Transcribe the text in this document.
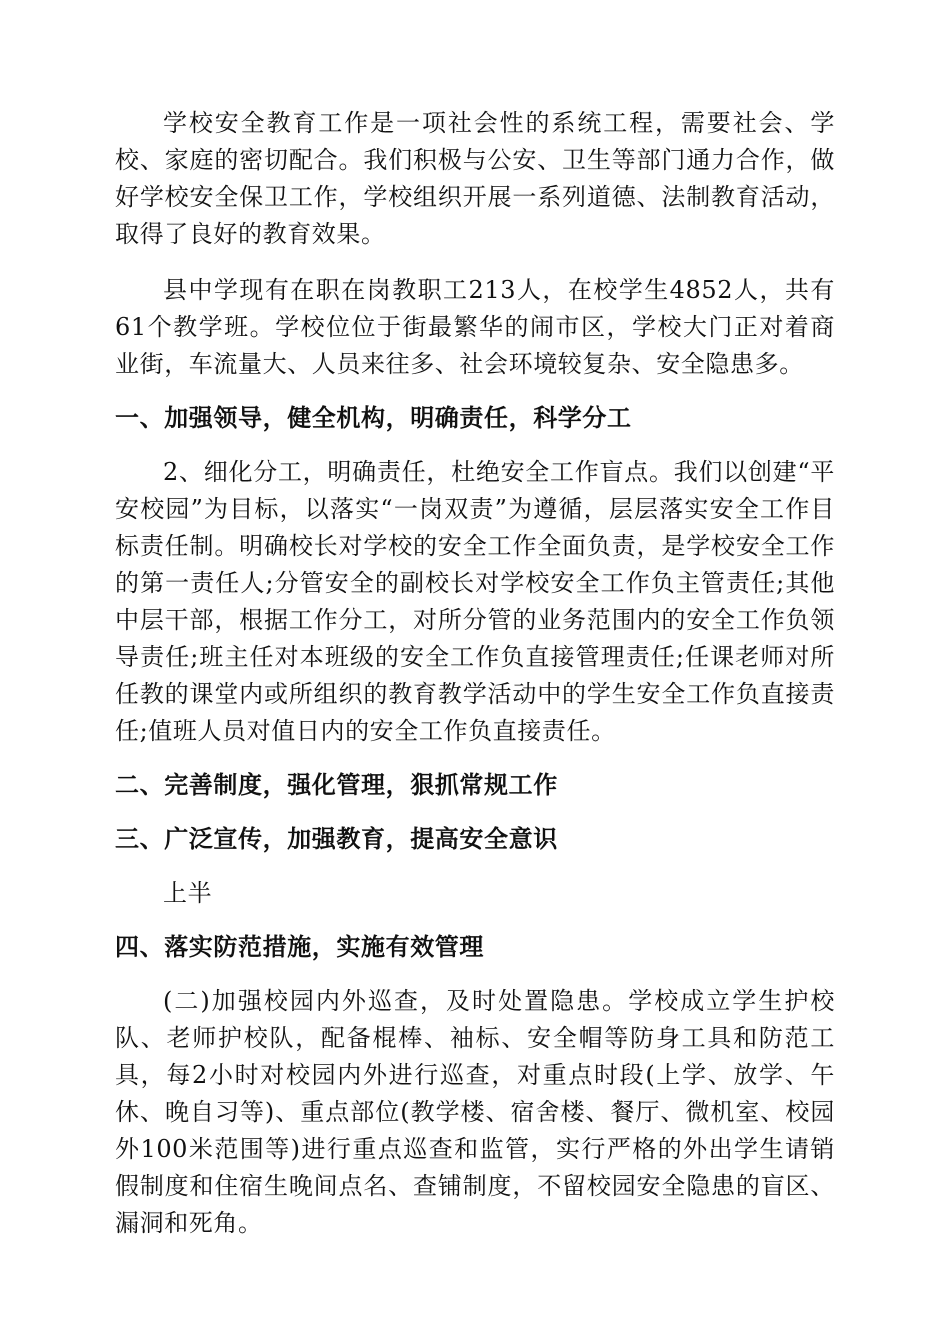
学校安全教育工作是一项社会性的系统工程，需要社会、学校、家庭的密切配合。我们积极与公安、卫生等部门通力合作，做好学校安全保卫工作，学校组织开展一系列道德、法制教育活动，取得了良好的教育效果。

县中学现有在职在岗教职工213人，在校学生4852人，共有61个教学班。学校位位于街最繁华的闹市区，学校大门正对着商业街，车流量大、人员来往多、社会环境较复杂、安全隐患多。

一、加强领导，健全机构，明确责任，科学分工

2、细化分工，明确责任，杜绝安全工作盲点。我们以创建“平安校园”为目标，以落实“一岗双责”为遵循，层层落实安全工作目标责任制。明确校长对学校的安全工作全面负责，是学校安全工作的第一责任人;分管安全的副校长对学校安全工作负主管责任;其他中层干部，根据工作分工，对所分管的业务范围内的安全工作负领导责任;班主任对本班级的安全工作负直接管理责任;任课老师对所任教的课堂内或所组织的教育教学活动中的学生安全工作负直接责任;值班人员对值日内的安全工作负直接责任。

二、完善制度，强化管理，狠抓常规工作

三、广泛宣传，加强教育，提高安全意识

上半

四、落实防范措施，实施有效管理

(二)加强校园内外巡查，及时处置隐患。学校成立学生护校队、老师护校队，配备棍棒、袖标、安全帽等防身工具和防范工具，每2小时对校园内外进行巡查，对重点时段(上学、放学、午休、晚自习等)、重点部位(教学楼、宿舍楼、餐厅、微机室、校园外100米范围等)进行重点巡查和监管，实行严格的外出学生请销假制度和住宿生晚间点名、查铺制度，不留校园安全隐患的盲区、漏洞和死角。
